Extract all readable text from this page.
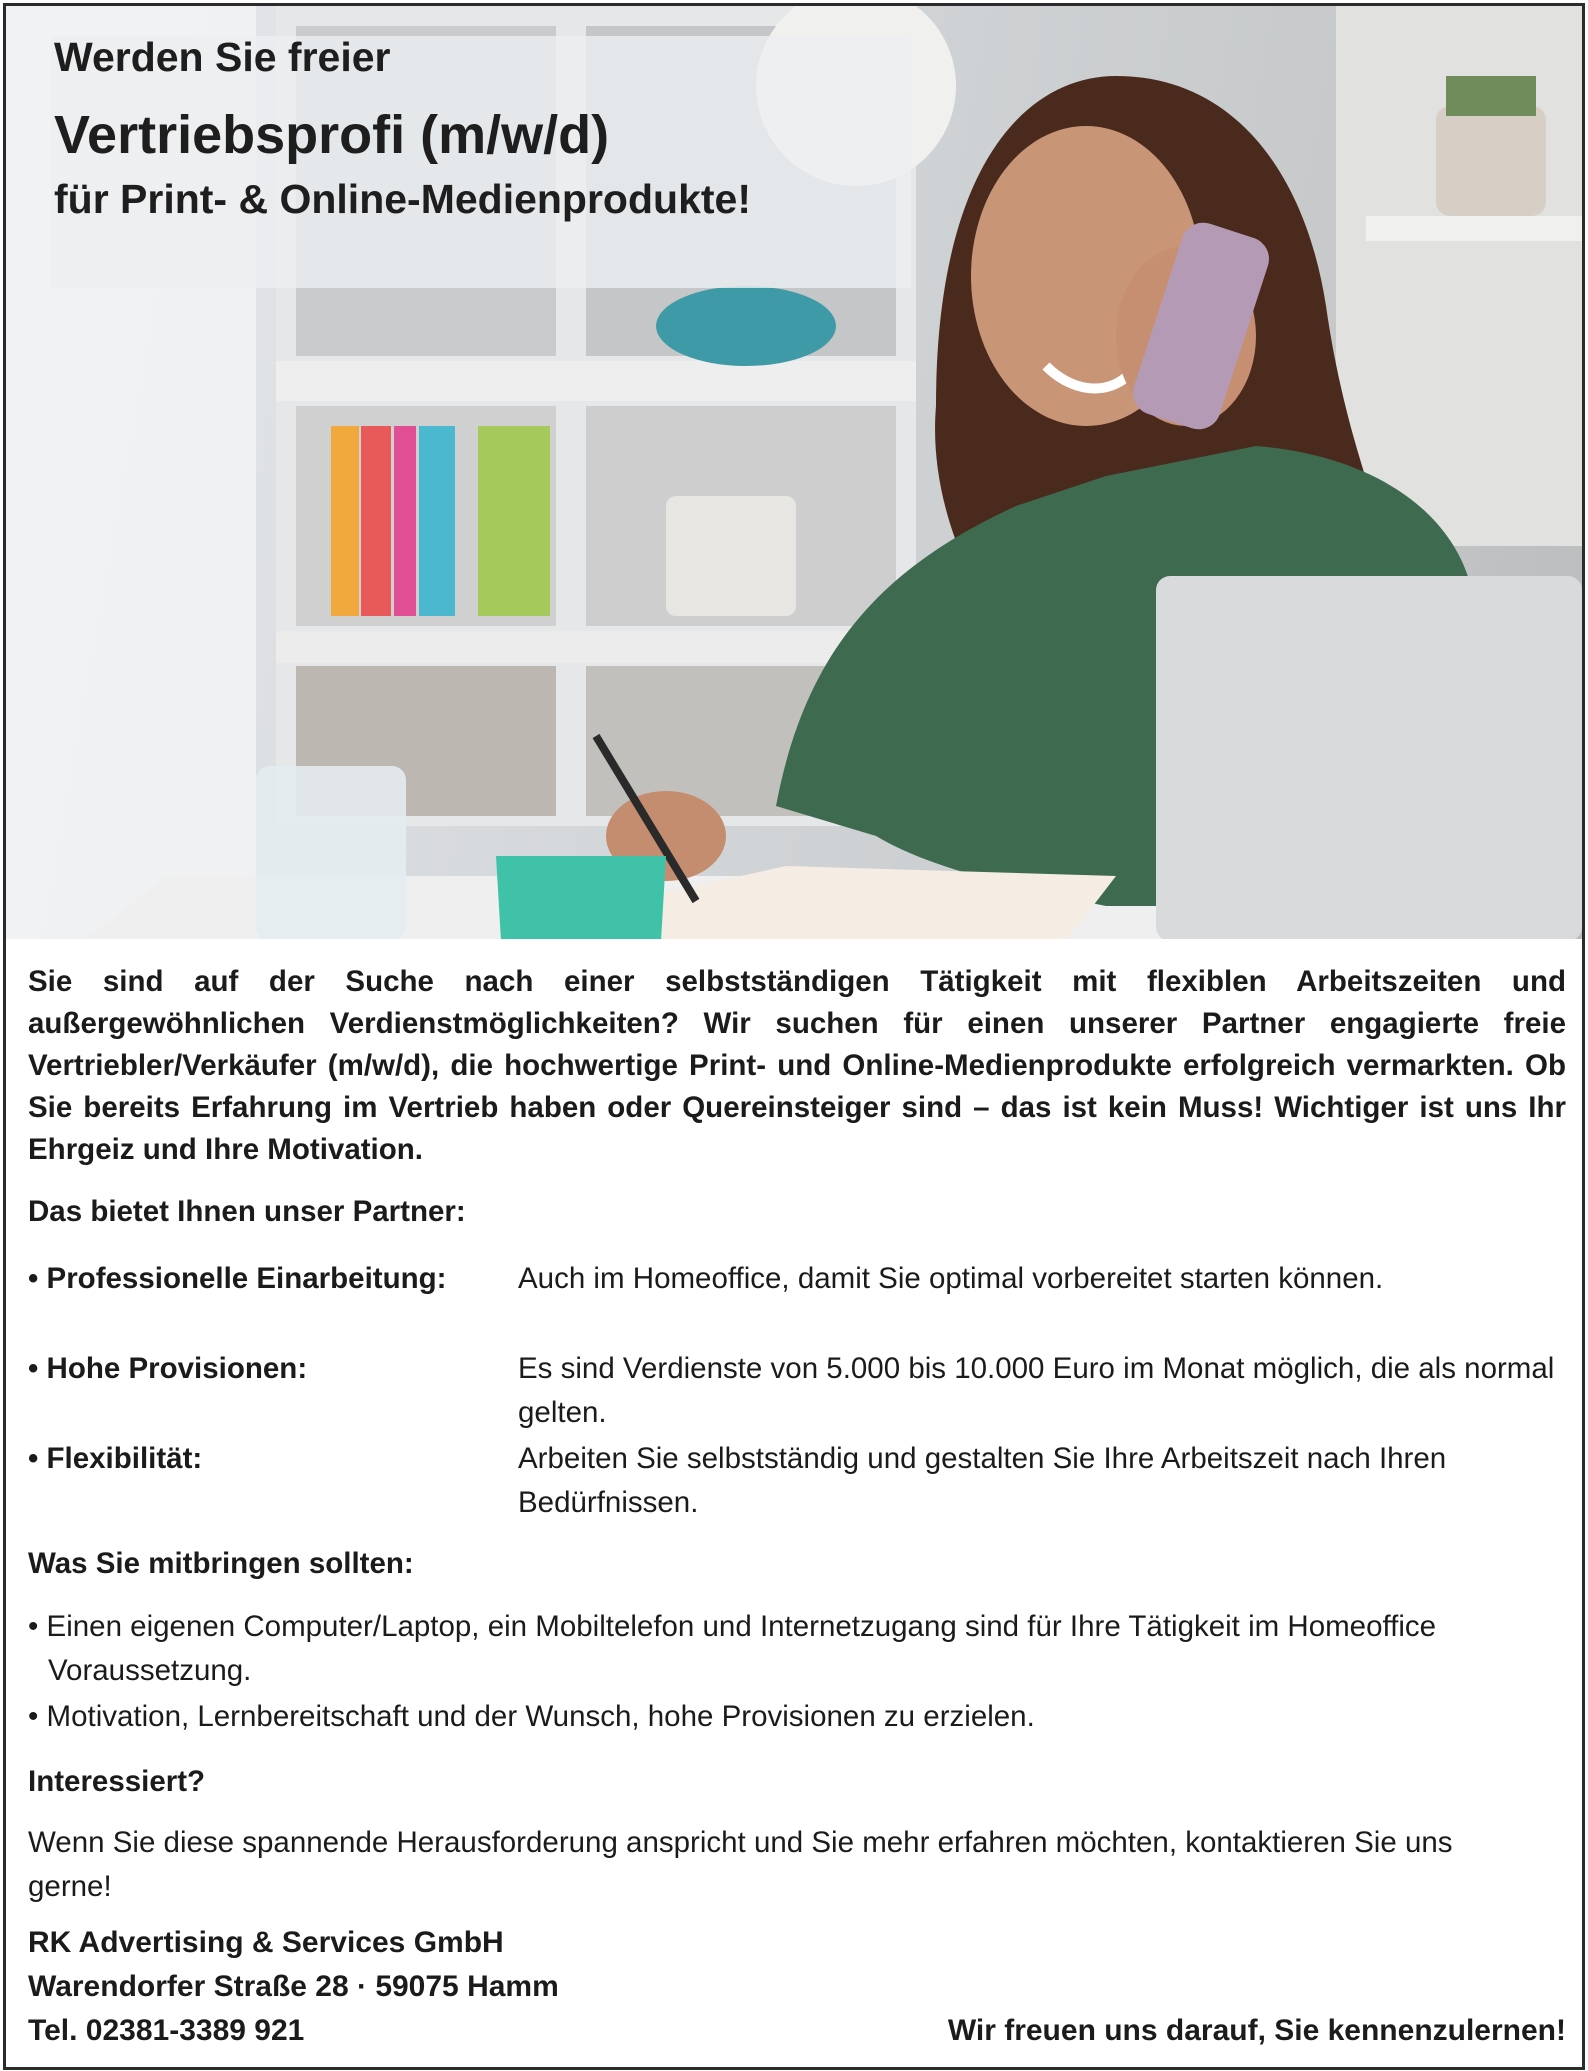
Werden Sie freier
Vertriebsprofi (m/w/d)
für Print- & Online-Medienprodukte!

Sie sind auf der Suche nach einer selbstständigen Tätigkeit mit flexiblen Arbeitszeiten und außergewöhnlichen Verdienstmöglichkeiten? Wir suchen für einen unserer Partner engagierte freie Vertriebler/Verkäufer (m/w/d), die hochwertige Print- und Online-Medienprodukte erfolgreich vermarkten. Ob Sie bereits Erfahrung im Vertrieb haben oder Quereinsteiger sind – das ist kein Muss! Wichtiger ist uns Ihr Ehrgeiz und Ihre Motivation.

Das bietet Ihnen unser Partner:
• Professionelle Einarbeitung: Auch im Homeoffice, damit Sie optimal vorbereitet starten können.
• Hohe Provisionen:	Es sind Verdienste von 5.000 bis 10.000 Euro im Monat möglich, die als normal gelten.
• Flexibilität:	Arbeiten Sie selbstständig und gestalten Sie Ihre Arbeitszeit nach Ihren Bedürfnissen.
Was Sie mitbringen sollten:
• Einen eigenen Computer/Laptop, ein Mobiltelefon und Internetzugang sind für Ihre Tätigkeit im Homeoffice Voraussetzung.
• Motivation, Lernbereitschaft und der Wunsch, hohe Provisionen zu erzielen.
Interessiert?
Wenn Sie diese spannende Herausforderung anspricht und Sie mehr erfahren möchten, kontaktieren Sie uns gerne!
RK Advertising & Services GmbH
Warendorfer Straße 28 · 59075 Hamm
Tel. 02381-3389 921	Wir freuen uns darauf, Sie kennenzulernen!
